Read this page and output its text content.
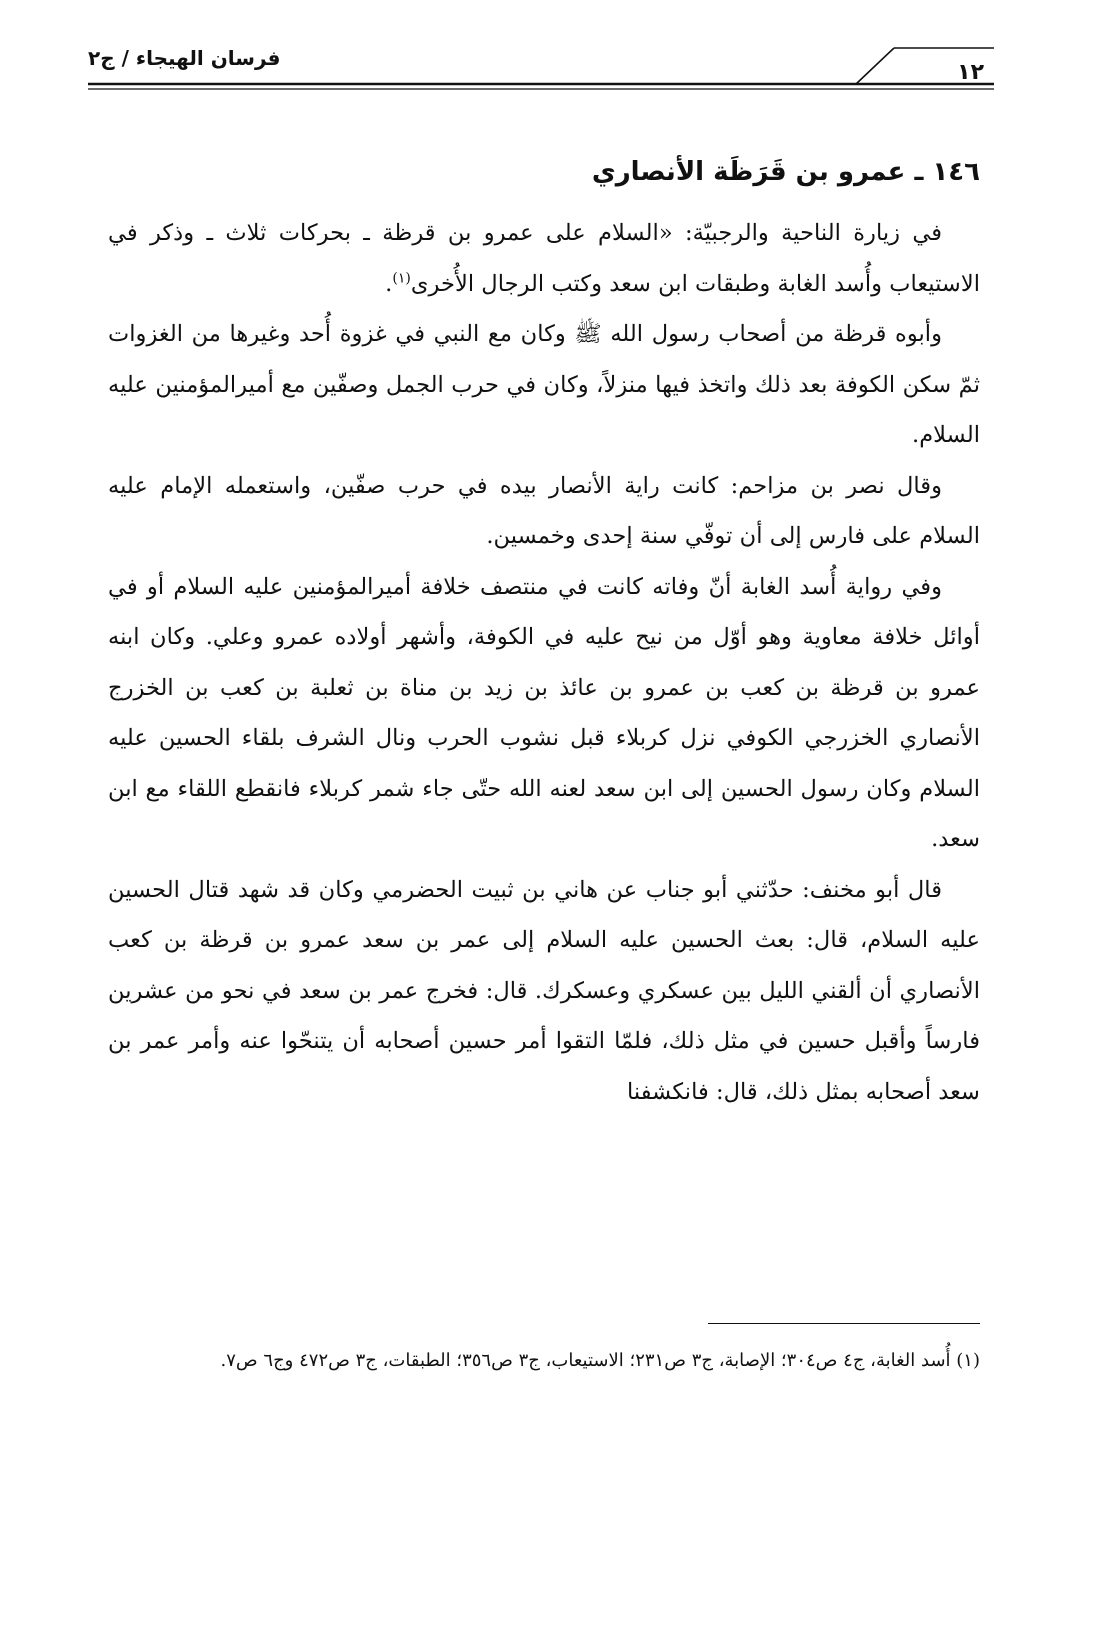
فرسان الهيجاء / ج٢
١٢
١٤٦ ـ عمرو بن قَرَظَة الأنصاري

في زيارة الناحية والرجبيّة: «السلام على عمرو بن قرظة ـ بحركات ثلاث ـ وذكر في الاستيعاب وأُسد الغابة وطبقات ابن سعد وكتب الرجال الأُخرى$^{(١)}$.

وأبوه قرظة من أصحاب رسول الله ﷺ وكان مع النبي في غزوة أُحد وغيرها من الغزوات ثمّ سكن الكوفة بعد ذلك واتخذ فيها منزلاً، وكان في حرب الجمل وصفّين مع أميرالمؤمنين عليه السلام.

وقال نصر بن مزاحم: كانت راية الأنصار بيده في حرب صفّين، واستعمله الإمام عليه السلام على فارس إلى أن توفّي سنة إحدى وخمسين.

وفي رواية أُسد الغابة أنّ وفاته كانت في منتصف خلافة أميرالمؤمنين عليه السلام أو في أوائل خلافة معاوية وهو أوّل من نيح عليه في الكوفة، وأشهر أولاده عمرو وعلي. وكان ابنه عمرو بن قرظة بن كعب بن عمرو بن عائذ بن زيد بن مناة بن ثعلبة بن كعب بن الخزرج الأنصاري الخزرجي الكوفي نزل كربلاء قبل نشوب الحرب ونال الشرف بلقاء الحسين عليه السلام وكان رسول الحسين إلى ابن سعد لعنه الله حتّى جاء شمر كربلاء فانقطع اللقاء مع ابن سعد.

قال أبو مخنف: حدّثني أبو جناب عن هاني بن ثبيت الحضرمي وكان قد شهد قتال الحسين عليه السلام، قال: بعث الحسين عليه السلام إلى عمر بن سعد عمرو بن قرظة بن كعب الأنصاري أن ألقني الليل بين عسكري وعسكرك. قال: فخرج عمر بن سعد في نحو من عشرين فارساً وأقبل حسين في مثل ذلك، فلمّا التقوا أمر حسين أصحابه أن يتنحّوا عنه وأمر عمر بن سعد أصحابه بمثل ذلك، قال: فانكشفنا

(١) أُسد الغابة، ج٤ ص٣٠٤؛ الإصابة، ج٣ ص٢٣١؛ الاستيعاب، ج٣ ص٣٥٦؛ الطبقات، ج٣ ص٤٧٢ وج٦ ص٧.
